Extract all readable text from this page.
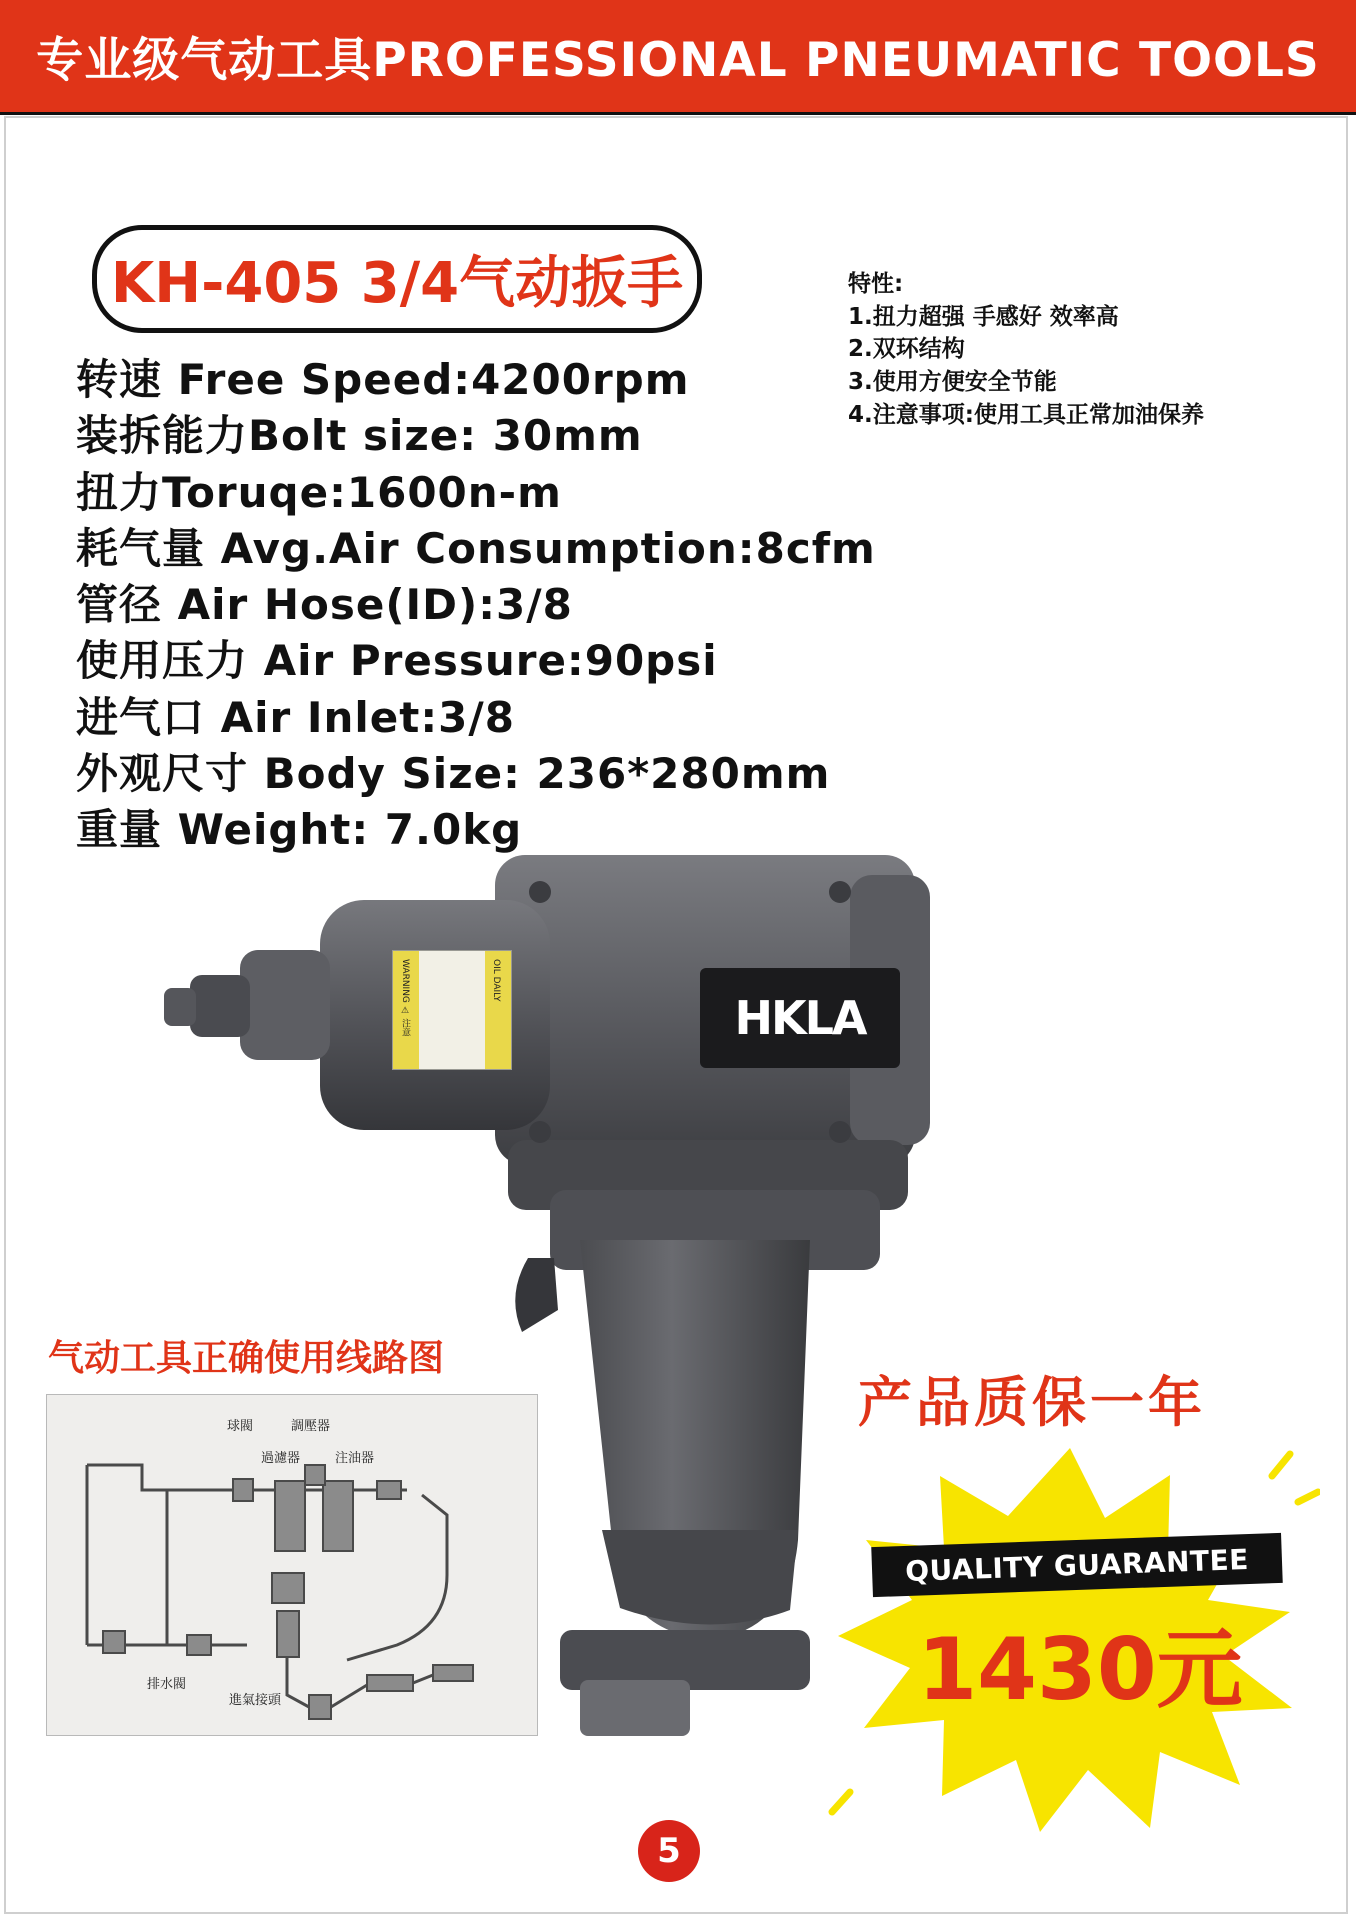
专业级气动工具PROFESSIONAL PNEUMATIC TOOLS
KH-405 3/4气动扳手	特性:
1.扭力超强 手感好 效率高
2.双环结构
3.使用方便安全节能
4.注意事项:使用工具正常加油保养
转速 Free Speed:4200rpm
装拆能力Bolt size: 30mm
扭力Toruqe:1600n-m
耗气量 Avg.Air Consumption:8cfm
管径 Air Hose(ID):3/8
使用压力 Air Pressure:90psi
进气口 Air Inlet:3/8
外观尺寸 Body Size: 236*280mm
重量 Weight: 7.0kg
WARNING ⚠ 注意	OIL DAILY
HKLA
气动工具正确使用线路图
球閥	調壓器
過濾器	注油器
排水閥
進氣接頭
产品质保一年
QUALITY GUARANTEE
1430元
5
